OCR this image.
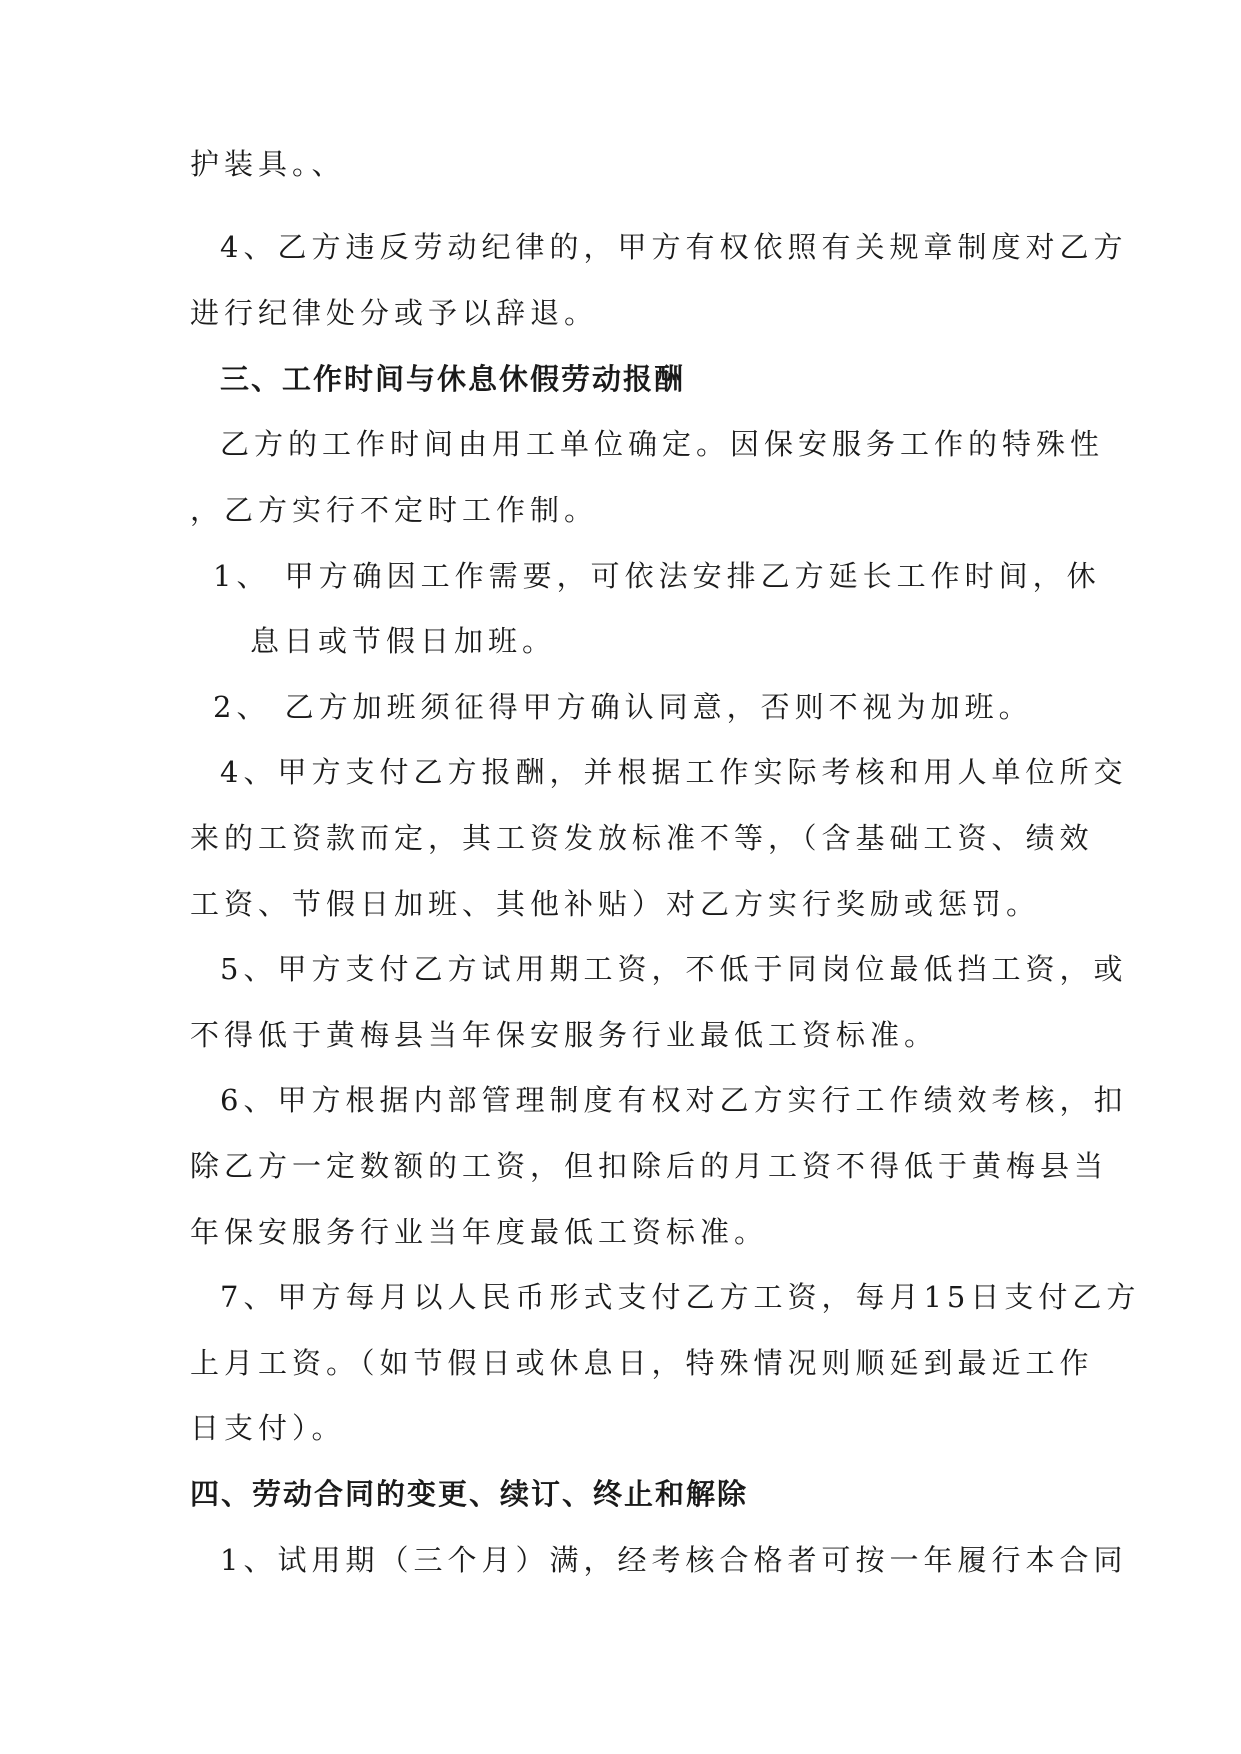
护装具。、
4、乙方违反劳动纪律的，甲方有权依照有关规章制度对乙方
进行纪律处分或予以辞退。
三、工作时间与休息休假劳动报酬
乙方的工作时间由用工单位确定。因保安服务工作的特殊性
，乙方实行不定时工作制。
1、 甲方确因工作需要，可依法安排乙方延长工作时间，休
息日或节假日加班。
2、 乙方加班须征得甲方确认同意，否则不视为加班。
4、甲方支付乙方报酬，并根据工作实际考核和用人单位所交
来的工资款而定，其工资发放标准不等，（含基础工资、绩效
工资、节假日加班、其他补贴）对乙方实行奖励或惩罚。
5、甲方支付乙方试用期工资，不低于同岗位最低挡工资，或
不得低于黄梅县当年保安服务行业最低工资标准。
6、甲方根据内部管理制度有权对乙方实行工作绩效考核，扣
除乙方一定数额的工资，但扣除后的月工资不得低于黄梅县当
年保安服务行业当年度最低工资标准。
7、甲方每月以人民币形式支付乙方工资，每月15日支付乙方
上月工资。（如节假日或休息日，特殊情况则顺延到最近工作
日支付）。
四、劳动合同的变更、续订、终止和解除
1、试用期（三个月）满，经考核合格者可按一年履行本合同
